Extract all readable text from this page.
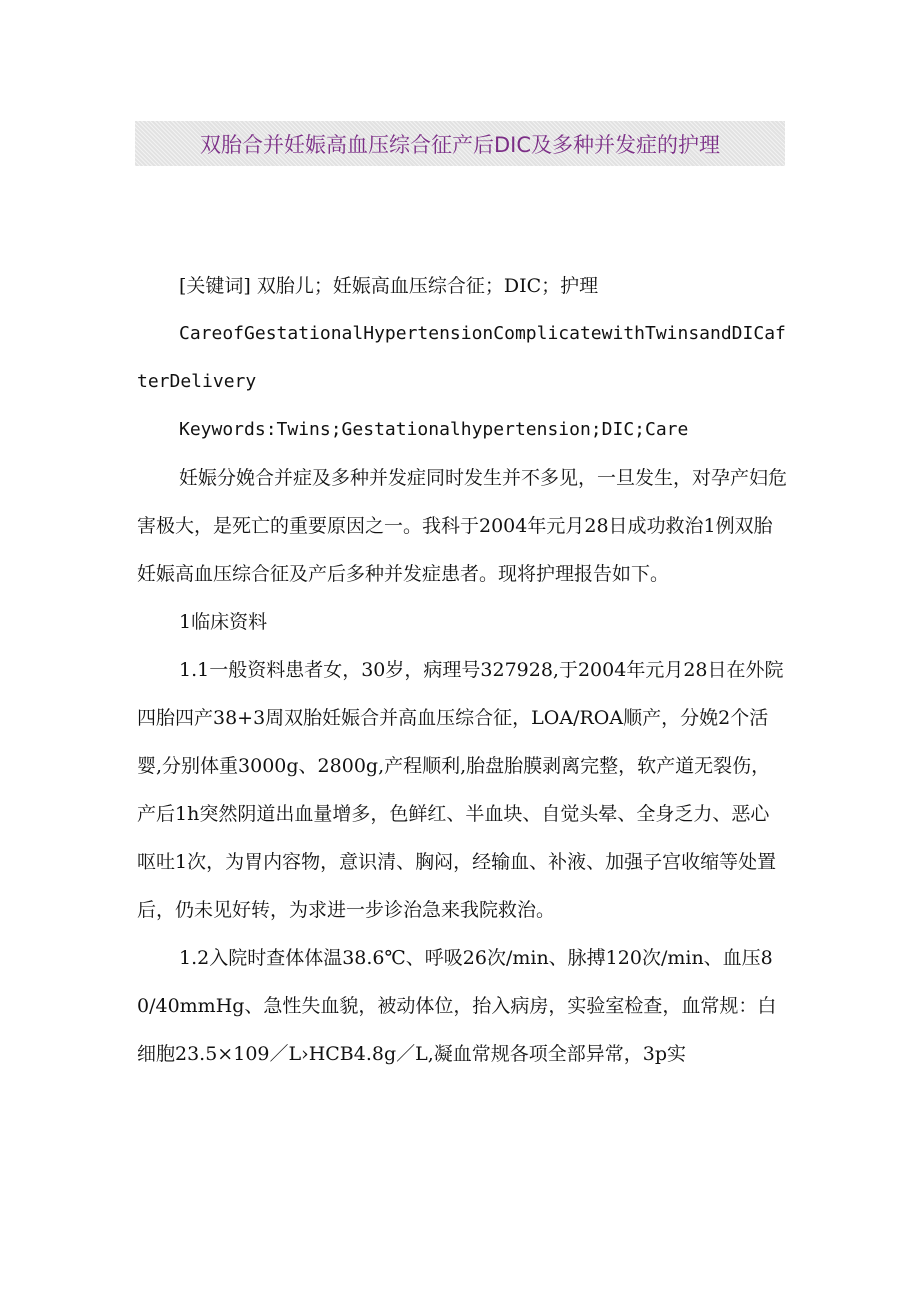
双胎合并妊娠高血压综合征产后DIC及多种并发症的护理

[关键词] 双胎儿；妊娠高血压综合征；DIC；护理

CareofGestationalHypertensionComplicatewithTwinsandDICafterDelivery

Keywords:Twins;Gestationalhypertension;DIC;Care

妊娠分娩合并症及多种并发症同时发生并不多见，一旦发生，对孕产妇危害极大，是死亡的重要原因之一。我科于2004年元月28日成功救治1例双胎妊娠高血压综合征及产后多种并发症患者。现将护理报告如下。

1临床资料

1.1一般资料患者女，30岁，病理号327928,于2004年元月28日在外院四胎四产38+3周双胎妊娠合并高血压综合征，LOA/ROA顺产，分娩2个活婴,分别体重3000g、2800g,产程顺利,胎盘胎膜剥离完整，软产道无裂伤，产后1h突然阴道出血量增多，色鲜红、半血块、自觉头晕、全身乏力、恶心呕吐1次，为胃内容物，意识清、胸闷，经输血、补液、加强子宫收缩等处置后，仍未见好转，为求进一步诊治急来我院救治。

1.2入院时查体体温38.6℃、呼吸26次/min、脉搏120次/min、血压80/40mmHg、急性失血貌，被动体位，抬入病房，实验室检查，血常规：白细胞23.5×109／L›HCB4.8g／L,凝血常规各项全部异常，3p实
